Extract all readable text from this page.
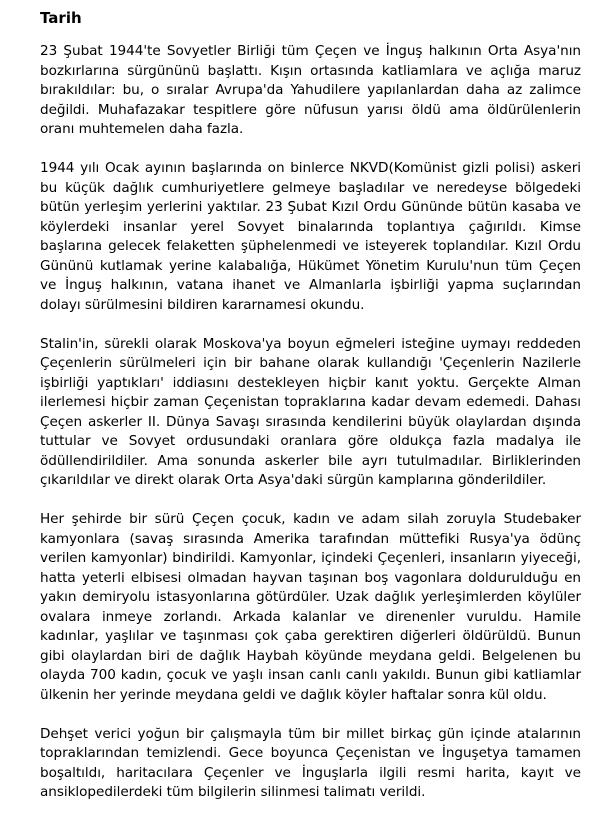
Tarih

23 Şubat 1944'te Sovyetler Birliği tüm Çeçen ve İnguş halkının Orta Asya'nın bozkırlarına sürgününü başlattı. Kışın ortasında katliamlara ve açlığa maruz bırakıldılar: bu, o sıralar Avrupa'da Yahudilere yapılanlardan daha az zalimce değildi. Muhafazakar tespitlere göre nüfusun yarısı öldü ama öldürülenlerin oranı muhtemelen daha fazla.

1944 yılı Ocak ayının başlarında on binlerce NKVD(Komünist gizli polisi) askeri bu küçük dağlık cumhuriyetlere gelmeye başladılar ve neredeyse bölgedeki bütün yerleşim yerlerini yaktılar. 23 Şubat Kızıl Ordu Gününde bütün kasaba ve köylerdeki insanlar yerel Sovyet binalarında toplantıya çağırıldı. Kimse başlarına gelecek felaketten şüphelenmedi ve isteyerek toplandılar. Kızıl Ordu Gününü kutlamak yerine kalabalığa, Hükümet Yönetim Kurulu'nun tüm Çeçen ve İnguş halkının, vatana ihanet ve Almanlarla işbirliği yapma suçlarından dolayı sürülmesini bildiren kararnamesi okundu.

Stalin'in, sürekli olarak Moskova'ya boyun eğmeleri isteğine uymayı reddeden Çeçenlerin sürülmeleri için bir bahane olarak kullandığı 'Çeçenlerin Nazilerle işbirliği yaptıkları' iddiasını destekleyen hiçbir kanıt yoktu. Gerçekte Alman ilerlemesi hiçbir zaman Çeçenistan topraklarına kadar devam edemedi. Dahası Çeçen askerler II. Dünya Savaşı sırasında kendilerini büyük olaylardan dışında tuttular ve Sovyet ordusundaki oranlara göre oldukça fazla madalya ile ödüllendirildiler. Ama sonunda askerler bile ayrı tutulmadılar. Birliklerinden çıkarıldılar ve direkt olarak Orta Asya'daki sürgün kamplarına gönderildiler.

Her şehirde bir sürü Çeçen çocuk, kadın ve adam silah zoruyla Studebaker kamyonlara (savaş sırasında Amerika tarafından müttefiki Rusya'ya ödünç verilen kamyonlar) bindirildi. Kamyonlar, içindeki Çeçenleri, insanların yiyeceği, hatta yeterli elbisesi olmadan hayvan taşınan boş vagonlara doldurulduğu en yakın demiryolu istasyonlarına götürdüler. Uzak dağlık yerleşimlerden köylüler ovalara inmeye zorlandı. Arkada kalanlar ve direnenler vuruldu. Hamile kadınlar, yaşlılar ve taşınması çok çaba gerektiren diğerleri öldürüldü. Bunun gibi olaylardan biri de dağlık Haybah köyünde meydana geldi. Belgelenen bu olayda 700 kadın, çocuk ve yaşlı insan canlı canlı yakıldı. Bunun gibi katliamlar ülkenin her yerinde meydana geldi ve dağlık köyler haftalar sonra kül oldu.

Dehşet verici yoğun bir çalışmayla tüm bir millet birkaç gün içinde atalarının topraklarından temizlendi. Gece boyunca Çeçenistan ve İnguşetya tamamen boşaltıldı, haritacılara Çeçenler ve İnguşlarla ilgili resmi harita, kayıt ve ansiklopedilerdeki tüm bilgilerin silinmesi talimatı verildi.
